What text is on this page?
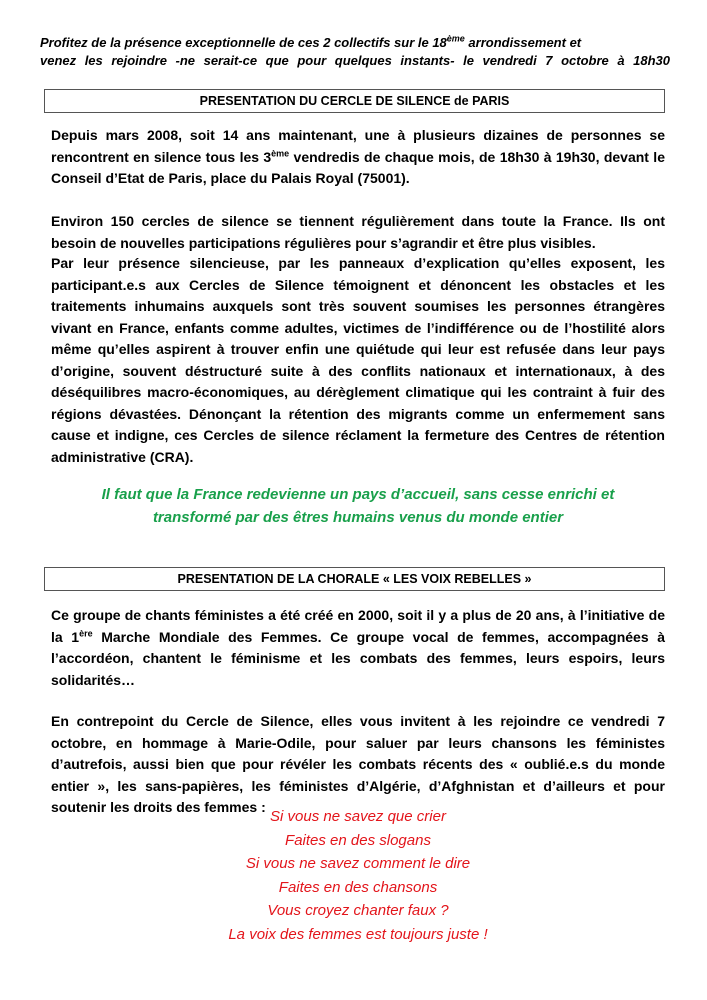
Profitez de la présence exceptionnelle de ces 2 collectifs sur le 18ème arrondissement et
venez les rejoindre -ne serait-ce que pour quelques instants- le vendredi 7 octobre à 18h30
PRESENTATION DU CERCLE DE SILENCE de PARIS
Depuis mars 2008, soit 14 ans maintenant, une à plusieurs dizaines de personnes se rencontrent en silence tous les 3ème vendredis de chaque mois, de 18h30 à 19h30, devant le Conseil d’Etat de Paris, place du Palais Royal (75001).
Environ 150 cercles de silence se tiennent régulièrement dans toute la France. Ils ont besoin de nouvelles participations régulières pour s’agrandir et être plus visibles.
Par leur présence silencieuse, par les panneaux d’explication qu’elles exposent, les participant.e.s aux Cercles de Silence témoignent et dénoncent les obstacles et les traitements inhumains auxquels sont très souvent soumises les personnes étrangères vivant en France, enfants comme adultes, victimes de l’indifférence ou de l’hostilité alors même qu’elles aspirent à trouver enfin une quiétude qui leur est refusée dans leur pays d’origine, souvent déstructuré suite à des conflits nationaux et internationaux, à des déséquilibres macro-économiques, au dérèglement climatique qui les contraint à fuir des régions dévastées. Dénonçant la rétention des migrants comme un enfermement sans cause et indigne, ces Cercles de silence réclament la fermeture des Centres de rétention administrative (CRA).
Il faut que la France redevienne un pays d’accueil, sans cesse enrichi et
transformé par des êtres humains venus du monde entier
PRESENTATION DE LA CHORALE « LES VOIX REBELLES »
Ce groupe de chants féministes a été créé en 2000, soit il y a plus de 20 ans, à l’initiative de la 1ère Marche Mondiale des Femmes. Ce groupe vocal de femmes, accompagnées à l’accordéon, chantent le féminisme et les combats des femmes, leurs espoirs, leurs solidarités…
En contrepoint du Cercle de Silence, elles vous invitent à les rejoindre ce vendredi 7 octobre, en hommage à Marie-Odile, pour saluer par leurs chansons les féministes d’autrefois, aussi bien que pour révéler les combats récents des « oublié.e.s du monde entier », les sans-papières, les féministes d’Algérie, d’Afghnistan et d’ailleurs et pour soutenir les droits des femmes :
Si vous ne savez que crier
Faites en des slogans
Si vous ne savez comment le dire
Faites en des chansons
Vous croyez chanter faux ?
La voix des femmes est toujours juste !
